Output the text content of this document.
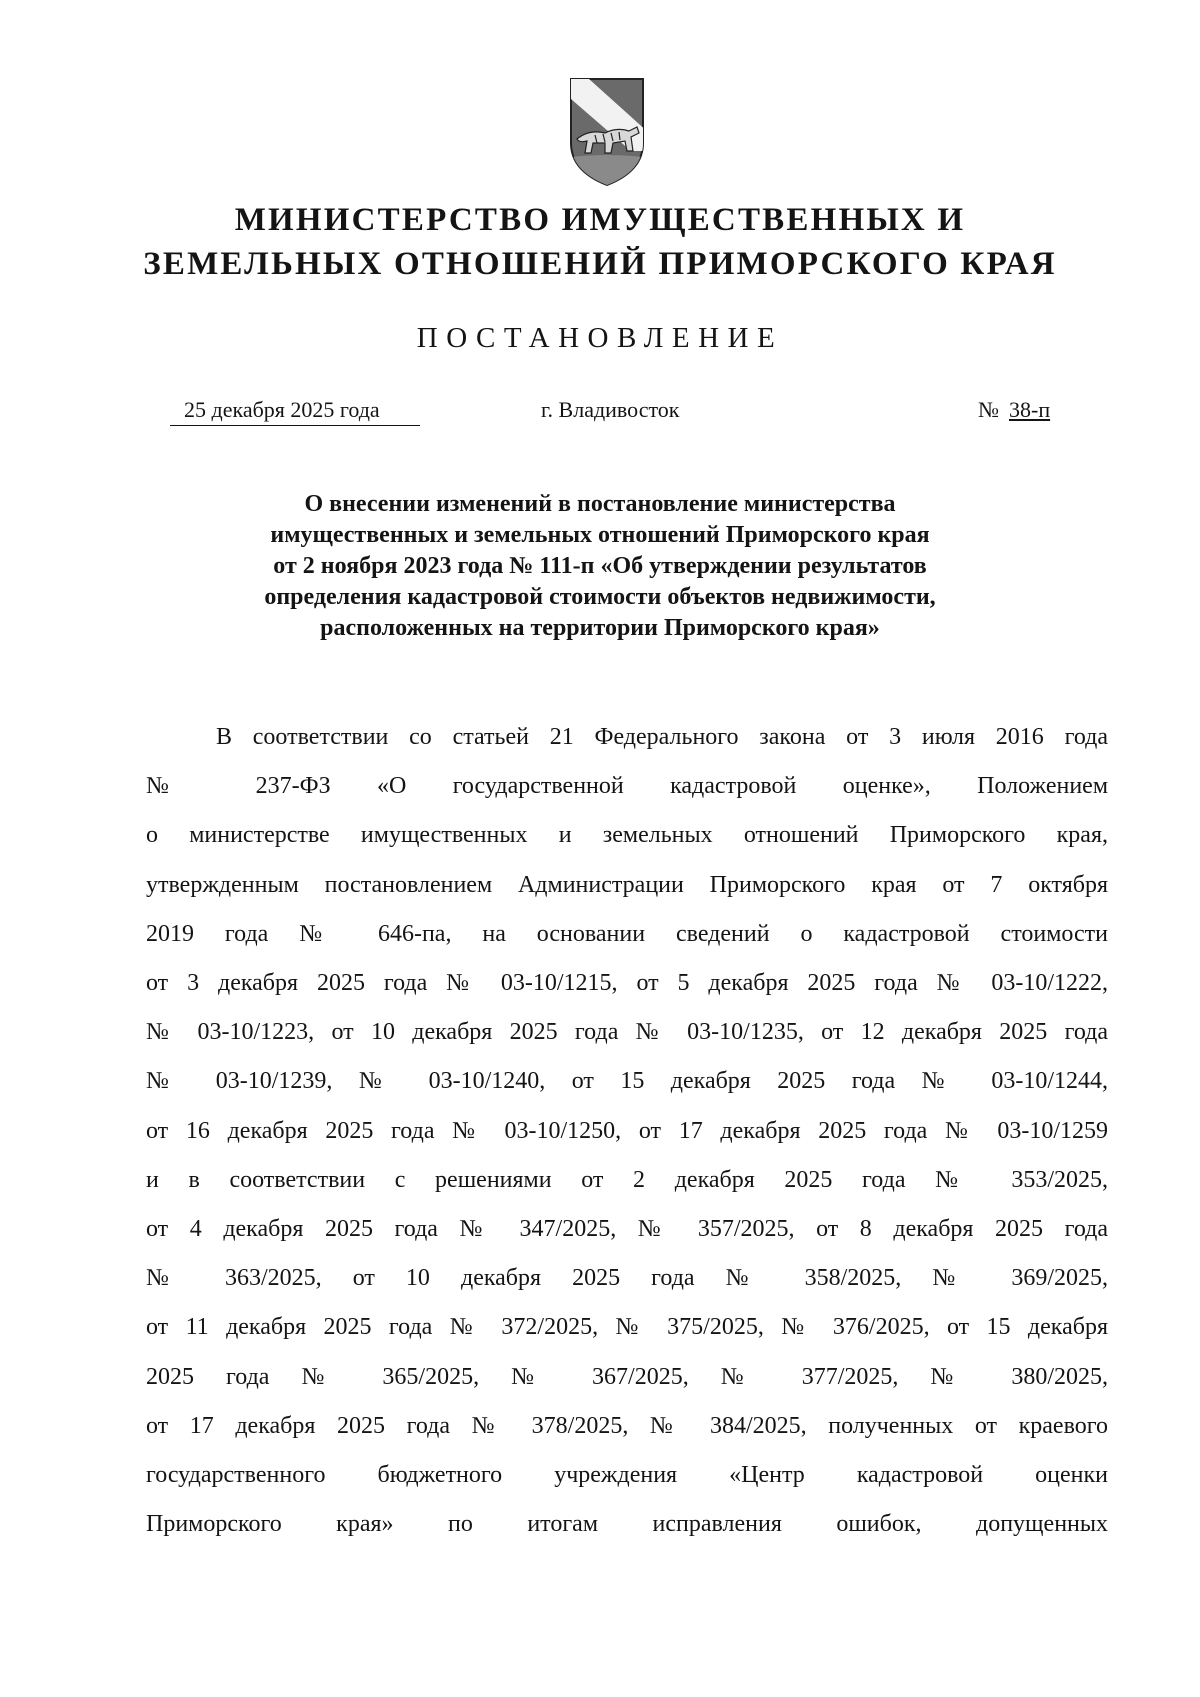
МИНИСТЕРСТВО ИМУЩЕСТВЕННЫХ И
ЗЕМЕЛЬНЫХ ОТНОШЕНИЙ ПРИМОРСКОГО КРАЯ
ПОСТАНОВЛЕНИЕ
25 декабря 2025 года	г. Владивосток	№ 38-п
О внесении изменений в постановление министерства
имущественных и земельных отношений Приморского края
от 2 ноября 2023 года № 111-п «Об утверждении результатов
определения кадастровой стоимости объектов недвижимости,
расположенных на территории Приморского края»
В соответствии со статьей 21 Федерального закона от 3 июля 2016 года
№ 237-ФЗ «О государственной кадастровой оценке», Положением
о министерстве имущественных и земельных отношений Приморского края,
утвержденным постановлением Администрации Приморского края от 7 октября
2019 года № 646-па, на основании сведений о кадастровой стоимости
от 3 декабря 2025 года № 03-10/1215, от 5 декабря 2025 года № 03-10/1222,
№ 03-10/1223, от 10 декабря 2025 года № 03-10/1235, от 12 декабря 2025 года
№ 03-10/1239, № 03-10/1240, от 15 декабря 2025 года № 03-10/1244,
от 16 декабря 2025 года № 03-10/1250, от 17 декабря 2025 года № 03-10/1259
и в соответствии с решениями от 2 декабря 2025 года № 353/2025,
от 4 декабря 2025 года № 347/2025, № 357/2025, от 8 декабря 2025 года
№ 363/2025, от 10 декабря 2025 года № 358/2025, № 369/2025,
от 11 декабря 2025 года № 372/2025, № 375/2025, № 376/2025, от 15 декабря
2025 года № 365/2025, № 367/2025, № 377/2025, № 380/2025,
от 17 декабря 2025 года № 378/2025, № 384/2025, полученных от краевого
государственного бюджетного учреждения «Центр кадастровой оценки
Приморского края» по итогам исправления ошибок, допущенных
